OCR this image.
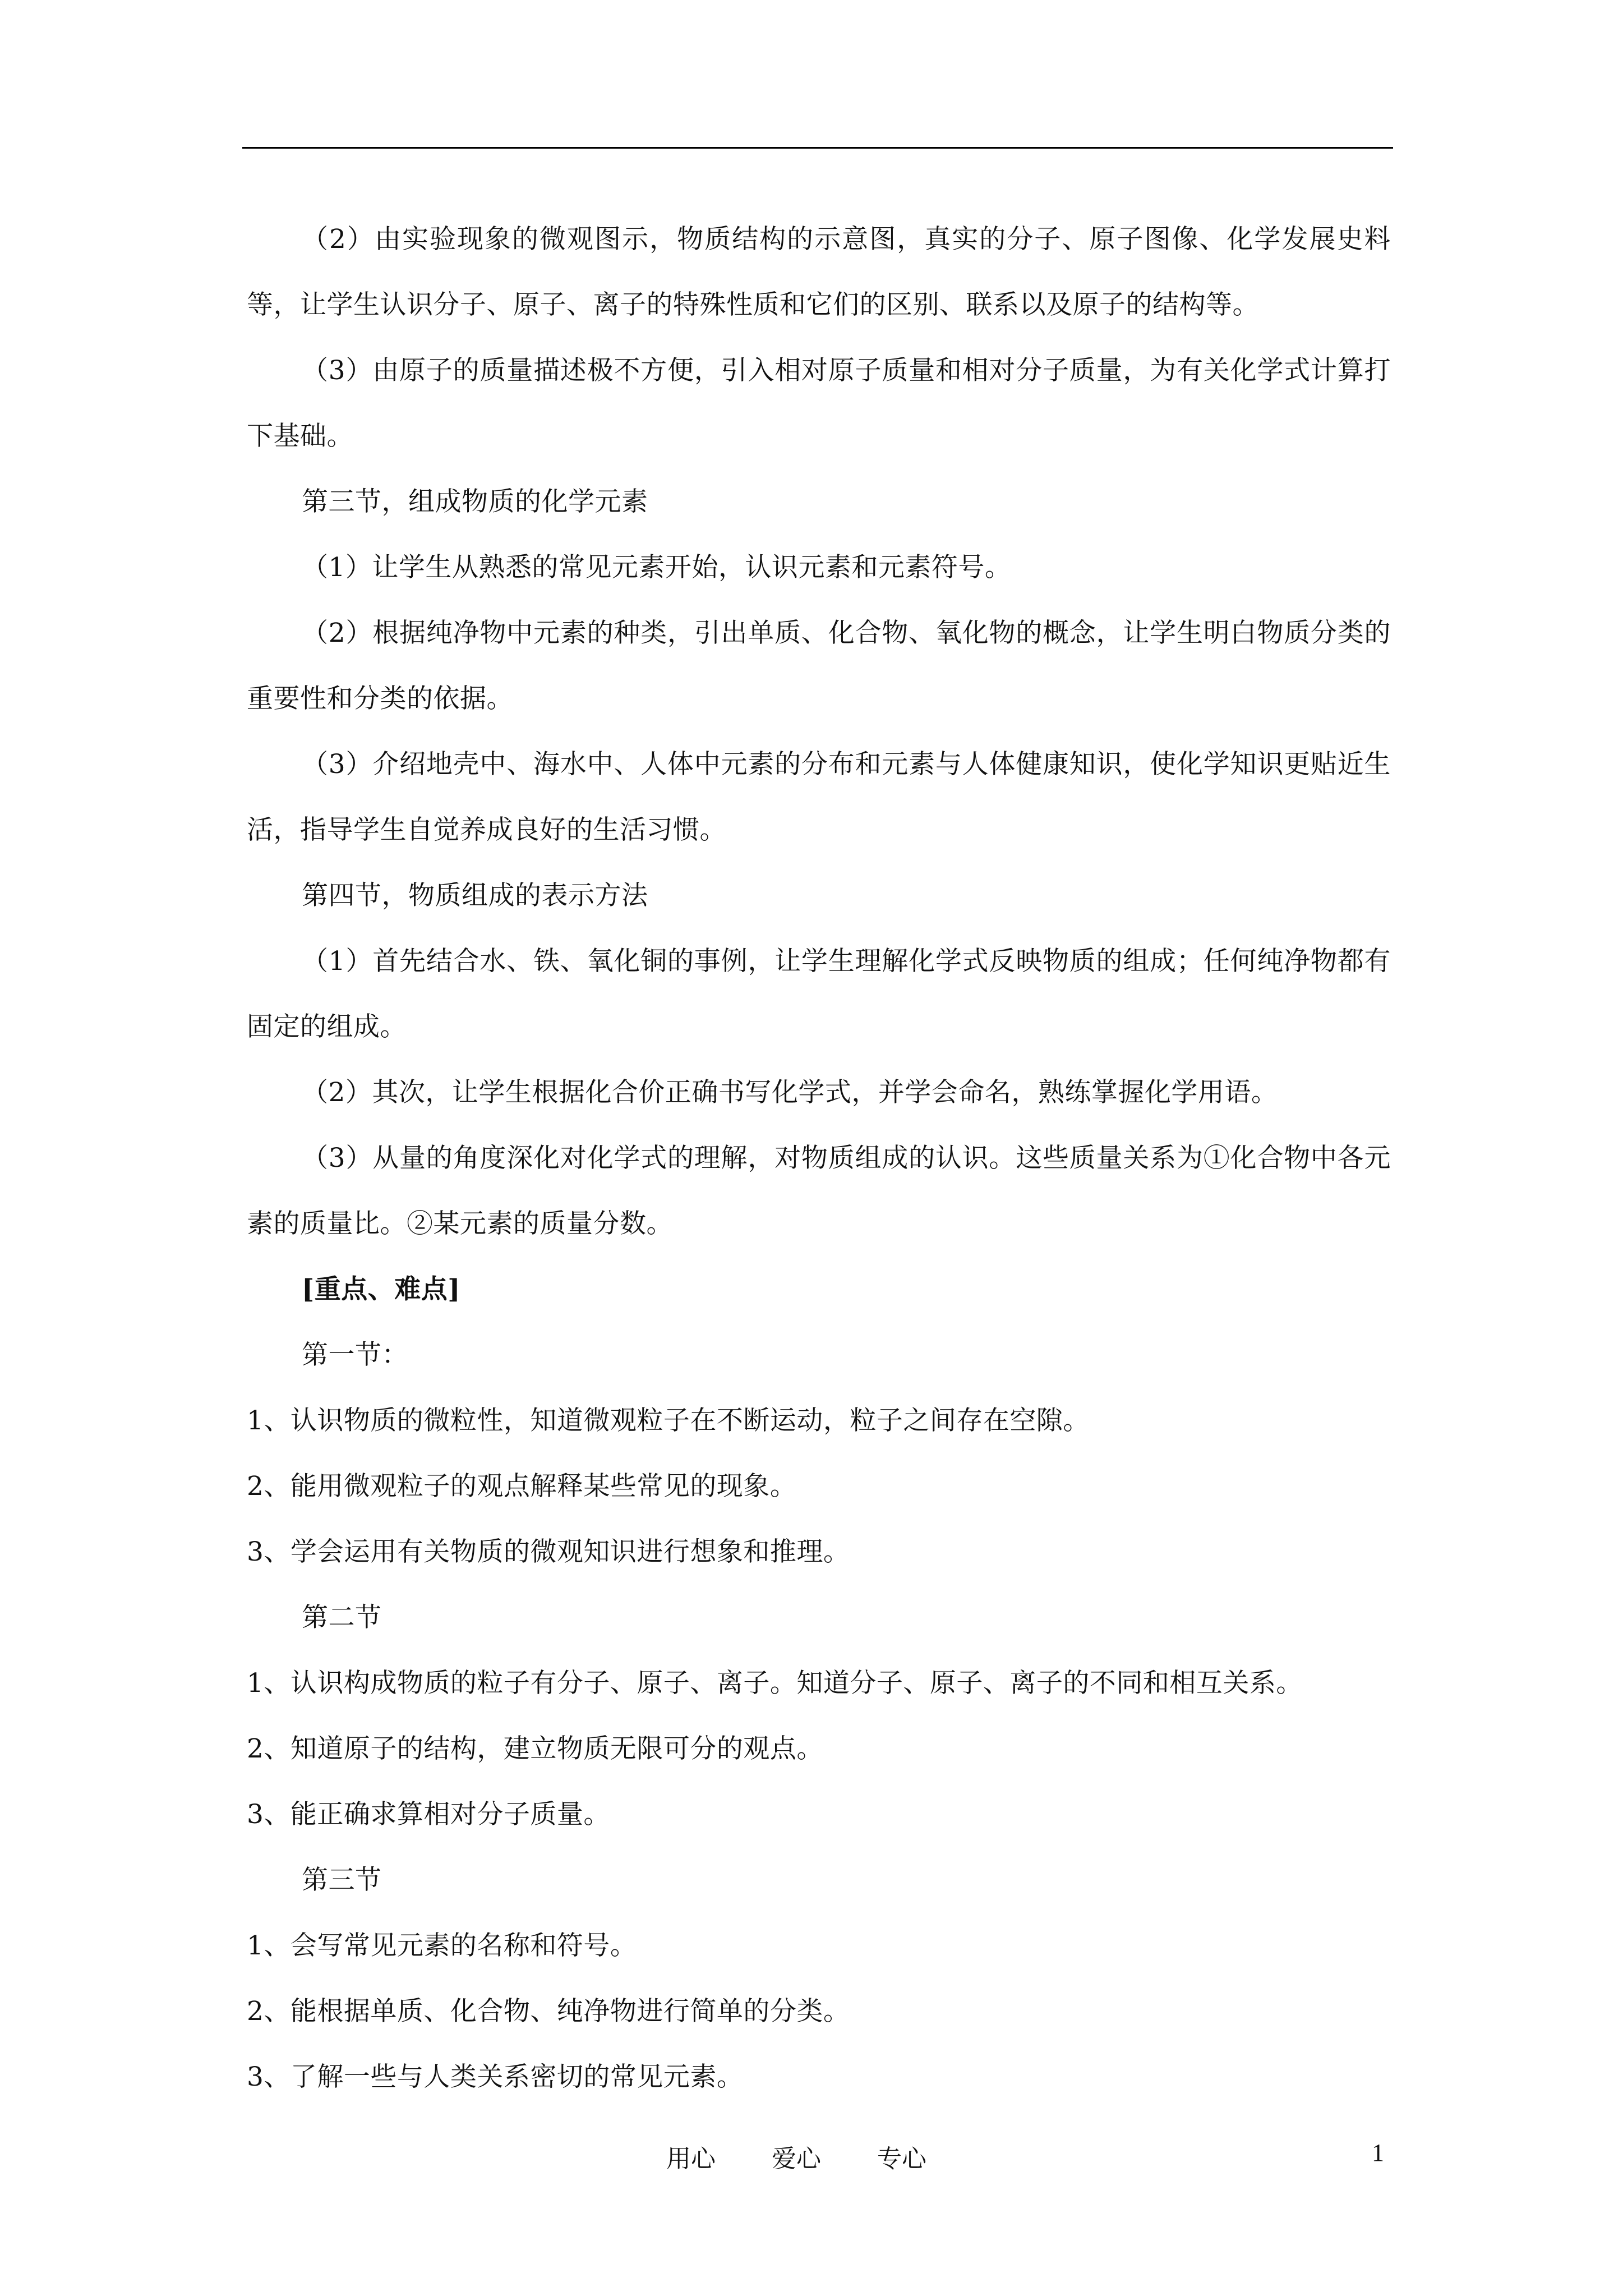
（2）由实验现象的微观图示，物质结构的示意图，真实的分子、原子图像、化学发展史料等，让学生认识分子、原子、离子的特殊性质和它们的区别、联系以及原子的结构等。

（3）由原子的质量描述极不方便，引入相对原子质量和相对分子质量，为有关化学式计算打下基础。

第三节，组成物质的化学元素

（1）让学生从熟悉的常见元素开始，认识元素和元素符号。

（2）根据纯净物中元素的种类，引出单质、化合物、氧化物的概念，让学生明白物质分类的重要性和分类的依据。

（3）介绍地壳中、海水中、人体中元素的分布和元素与人体健康知识，使化学知识更贴近生活，指导学生自觉养成良好的生活习惯。

第四节，物质组成的表示方法

（1）首先结合水、铁、氧化铜的事例，让学生理解化学式反映物质的组成；任何纯净物都有固定的组成。

（2）其次，让学生根据化合价正确书写化学式，并学会命名，熟练掌握化学用语。

（3）从量的角度深化对化学式的理解，对物质组成的认识。这些质量关系为①化合物中各元素的质量比。②某元素的质量分数。

[重点、难点]

第一节：

1、认识物质的微粒性，知道微观粒子在不断运动，粒子之间存在空隙。

2、能用微观粒子的观点解释某些常见的现象。

3、学会运用有关物质的微观知识进行想象和推理。

第二节

1、认识构成物质的粒子有分子、原子、离子。知道分子、原子、离子的不同和相互关系。

2、知道原子的结构，建立物质无限可分的观点。

3、能正确求算相对分子质量。

第三节

1、会写常见元素的名称和符号。

2、能根据单质、化合物、纯净物进行简单的分类。

3、了解一些与人类关系密切的常见元素。

用心 爱心 专心	1
